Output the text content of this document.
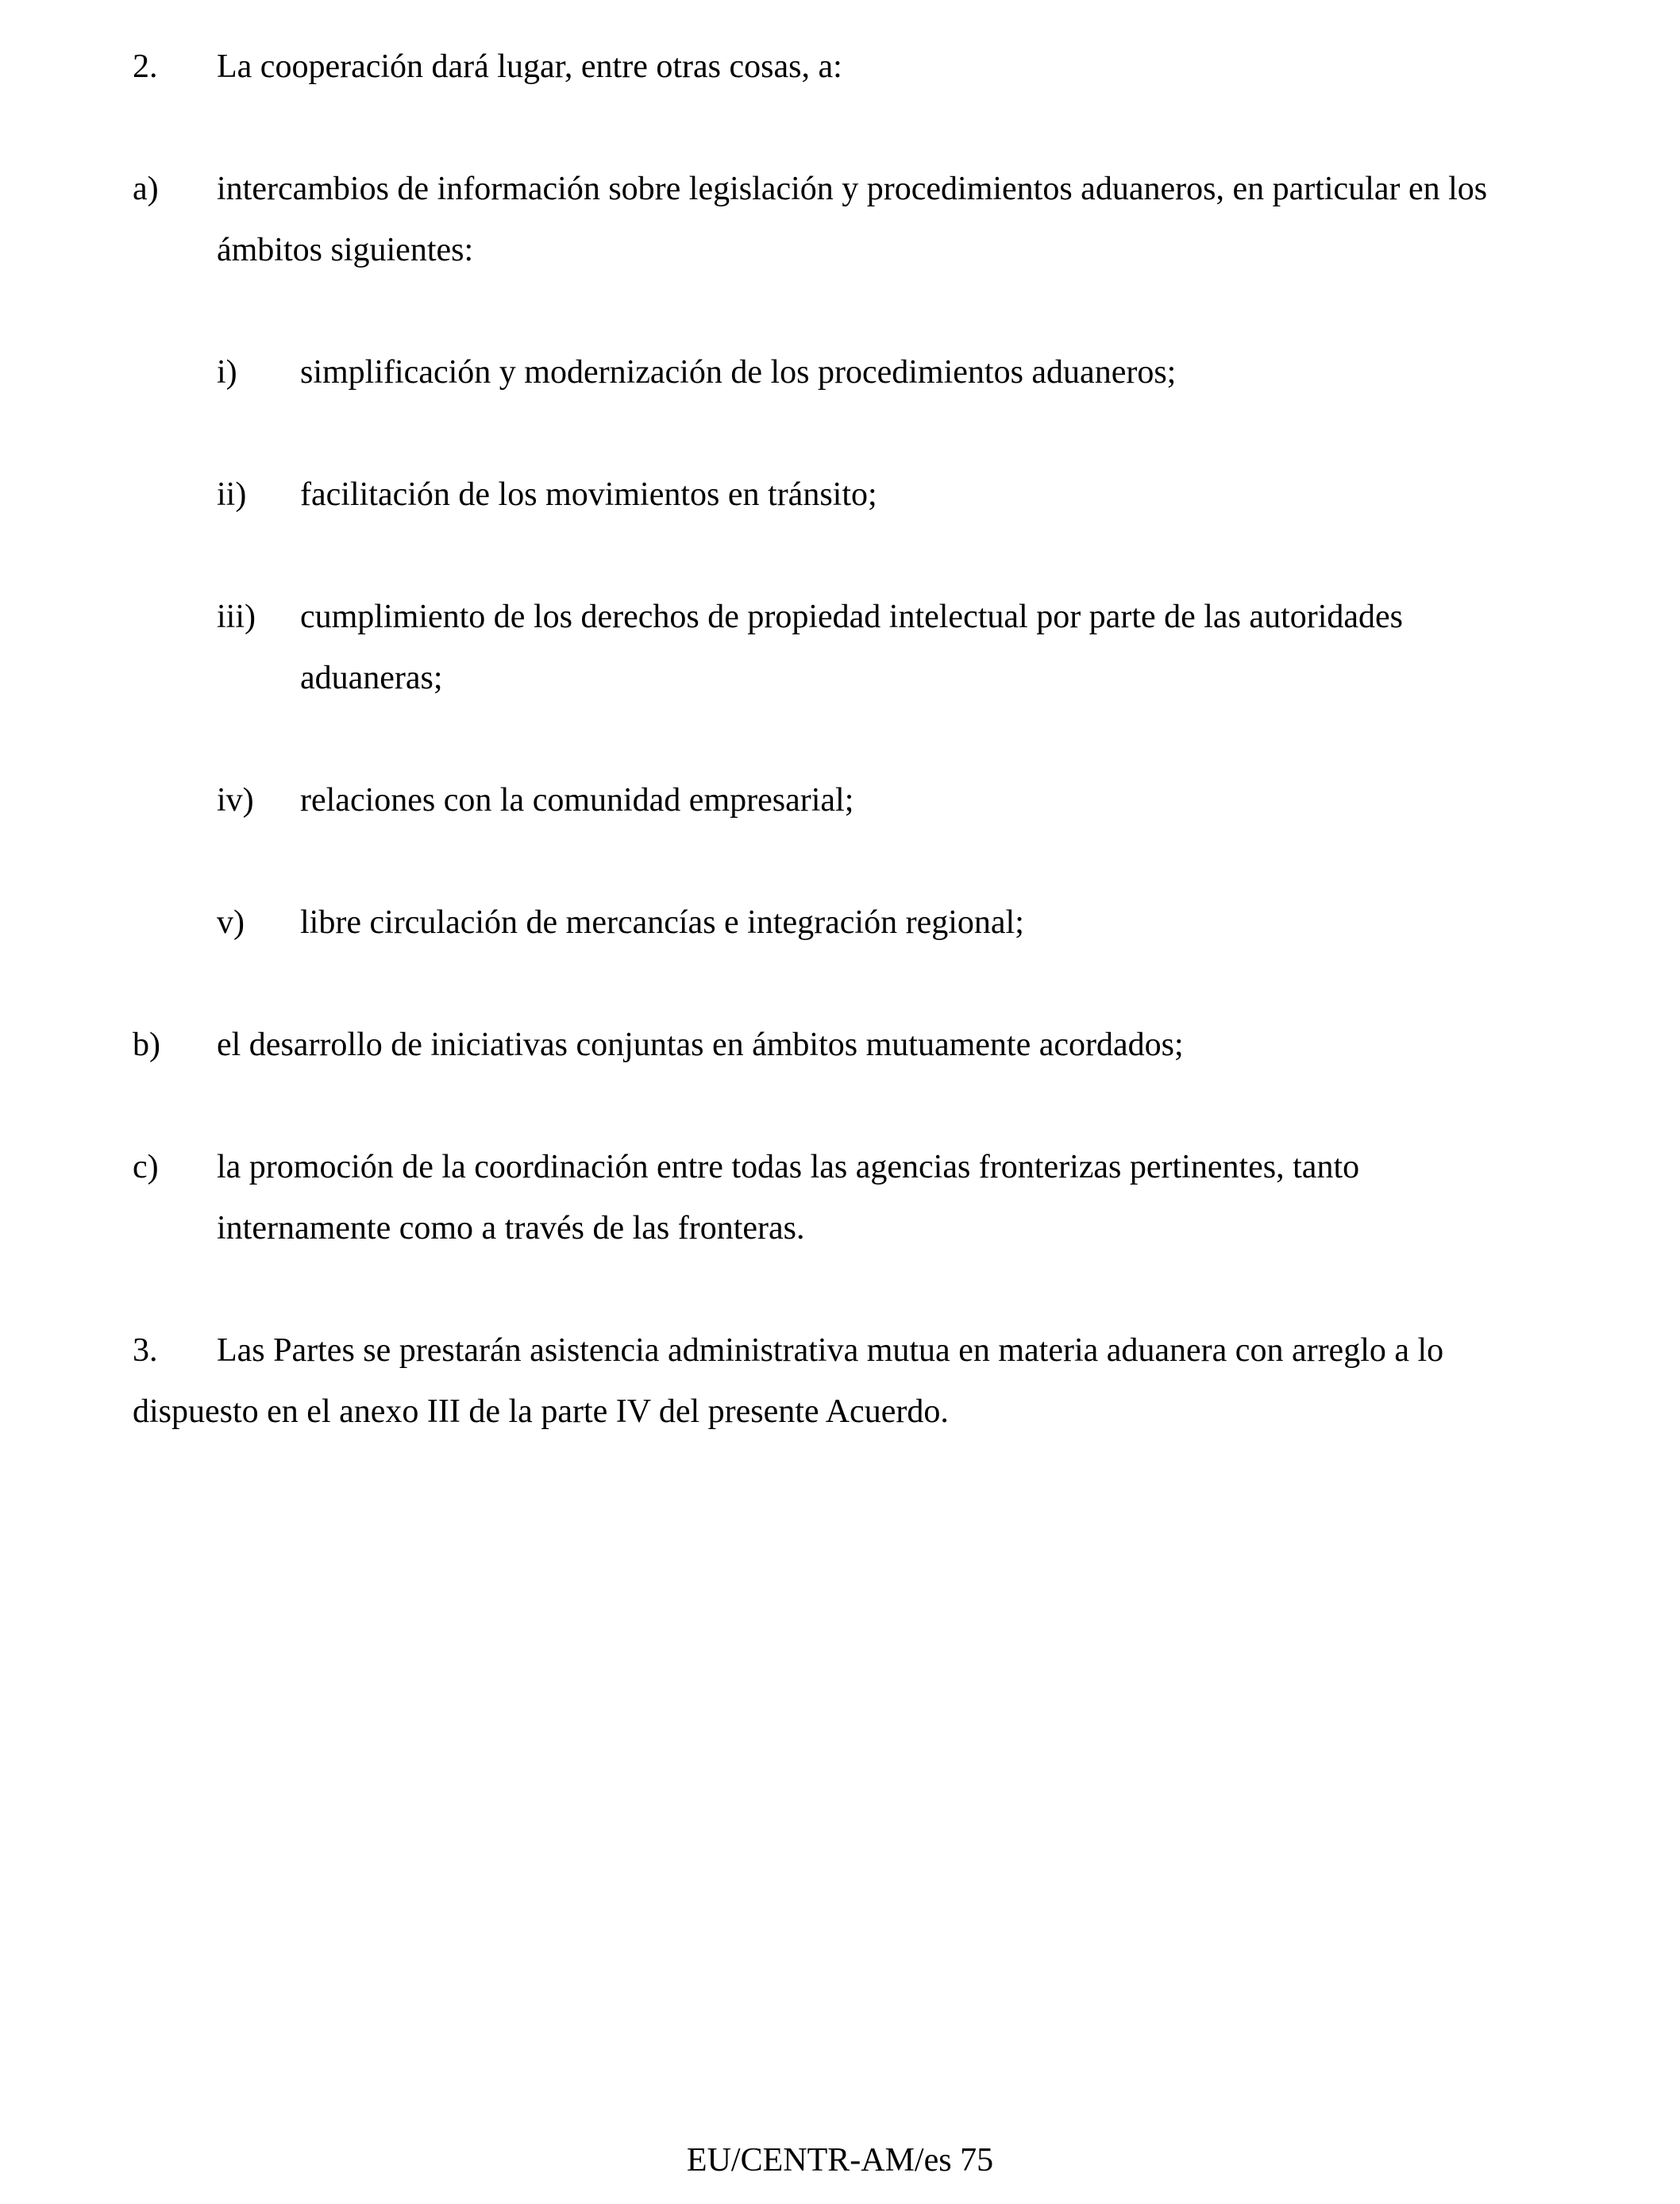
2. La cooperación dará lugar, entre otras cosas, a:
a) intercambios de información sobre legislación y procedimientos aduaneros, en particular en los ámbitos siguientes:
i) simplificación y modernización de los procedimientos aduaneros;
ii) facilitación de los movimientos en tránsito;
iii) cumplimiento de los derechos de propiedad intelectual por parte de las autoridades aduaneras;
iv) relaciones con la comunidad empresarial;
v) libre circulación de mercancías e integración regional;
b) el desarrollo de iniciativas conjuntas en ámbitos mutuamente acordados;
c) la promoción de la coordinación entre todas las agencias fronterizas pertinentes, tanto internamente como a través de las fronteras.
3. Las Partes se prestarán asistencia administrativa mutua en materia aduanera con arreglo a lo dispuesto en el anexo III de la parte IV del presente Acuerdo.
EU/CENTR-AM/es 75
